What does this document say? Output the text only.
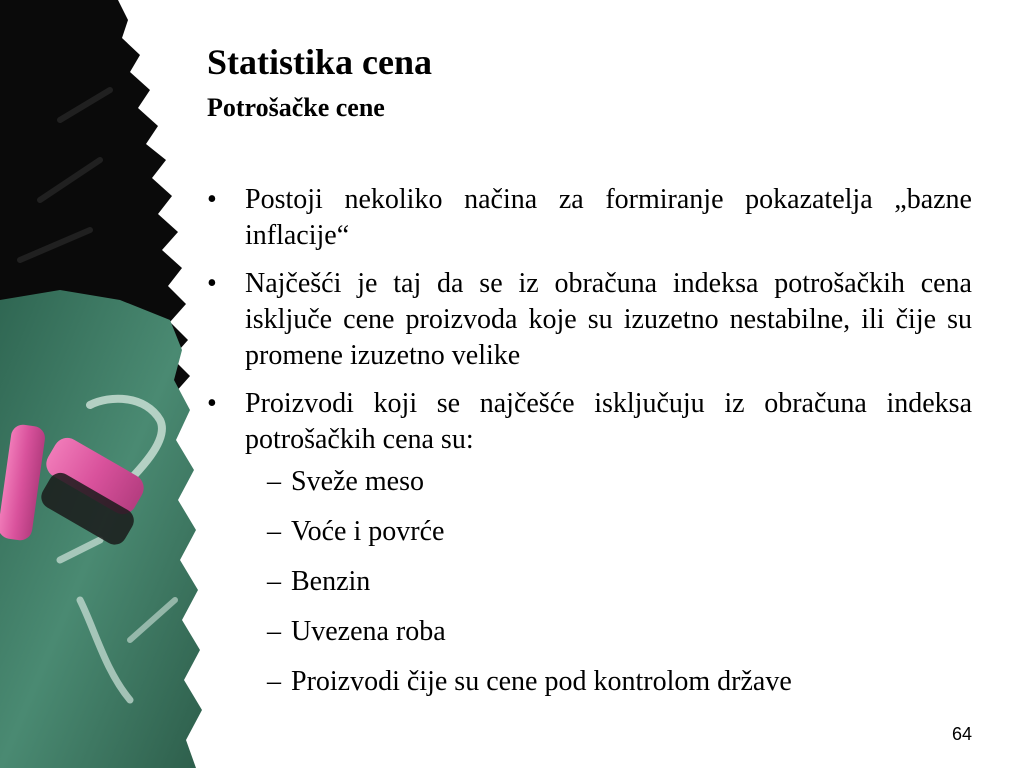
Statistika cena
Potrošačke cene
• Postoji nekoliko načina za formiranje pokazatelja „bazne inflacije“
• Najčešći je taj da se iz obračuna indeksa potrošačkih cena isključe cene proizvoda koje su izuzetno nestabilne, ili čije su promene izuzetno velike
• Proizvodi koji se najčešće isključuju iz obračuna indeksa potrošačkih cena su:
– Sveže meso
– Voće i povrće
– Benzin
– Uvezena roba
– Proizvodi čije su cene pod kontrolom države
64
